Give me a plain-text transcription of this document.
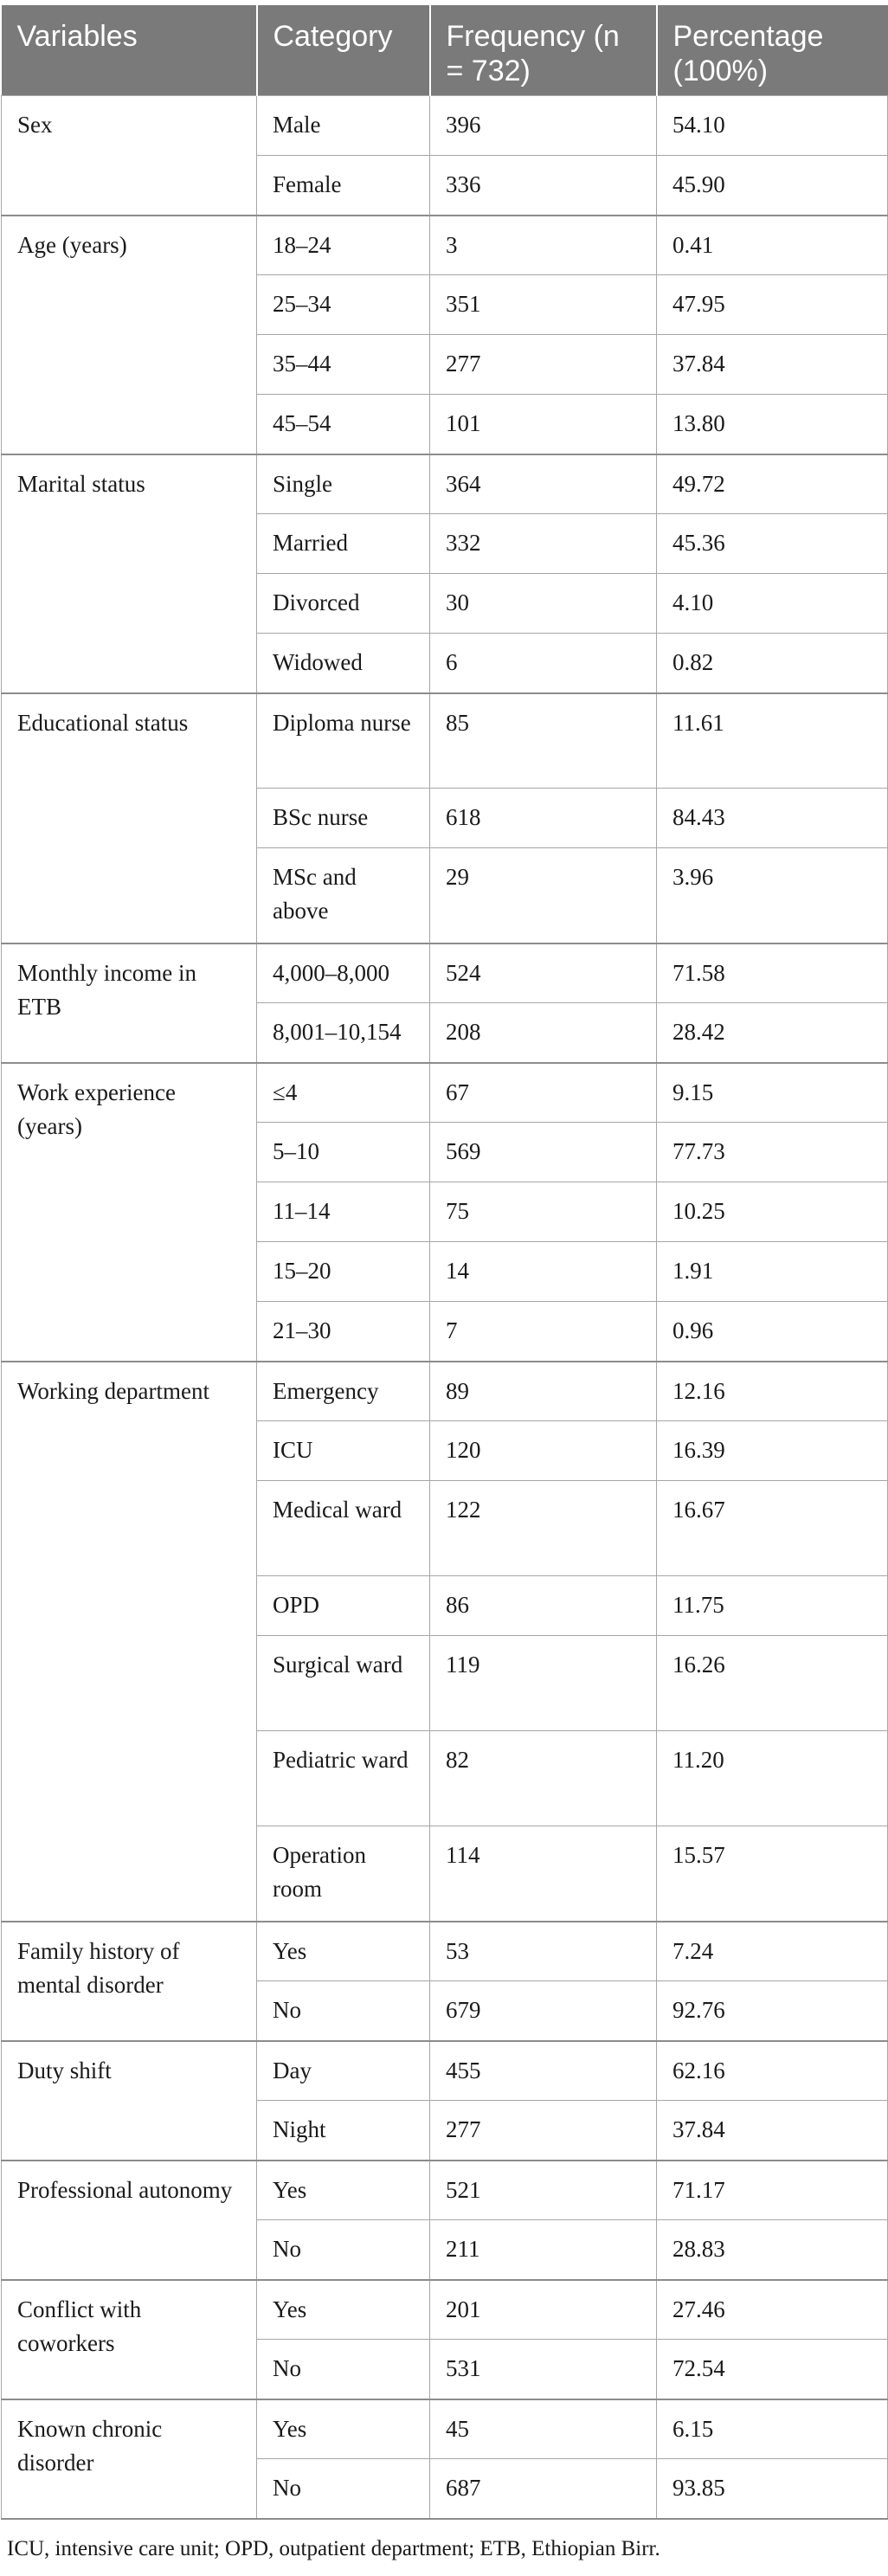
Variables	Category	Frequency (n = 732)	Percentage (100%)
Sex	Male	396	54.10
	Female	336	45.90
Age (years)	18–24	3	0.41
	25–34	351	47.95
	35–44	277	37.84
	45–54	101	13.80
Marital status	Single	364	49.72
	Married	332	45.36
	Divorced	30	4.10
	Widowed	6	0.82
Educational status	Diploma nurse	85	11.61
	BSc nurse	618	84.43
	MSc and above	29	3.96
Monthly income in ETB	4,000–8,000	524	71.58
	8,001–10,154	208	28.42
Work experience (years)	≤4	67	9.15
	5–10	569	77.73
	11–14	75	10.25
	15–20	14	1.91
	21–30	7	0.96
Working department	Emergency	89	12.16
	ICU	120	16.39
	Medical ward	122	16.67
	OPD	86	11.75
	Surgical ward	119	16.26
	Pediatric ward	82	11.20
	Operation room	114	15.57
Family history of mental disorder	Yes	53	7.24
	No	679	92.76
Duty shift	Day	455	62.16
	Night	277	37.84
Professional autonomy	Yes	521	71.17
	No	211	28.83
Conflict with coworkers	Yes	201	27.46
	No	531	72.54
Known chronic disorder	Yes	45	6.15
	No	687	93.85
ICU, intensive care unit; OPD, outpatient department; ETB, Ethiopian Birr.
